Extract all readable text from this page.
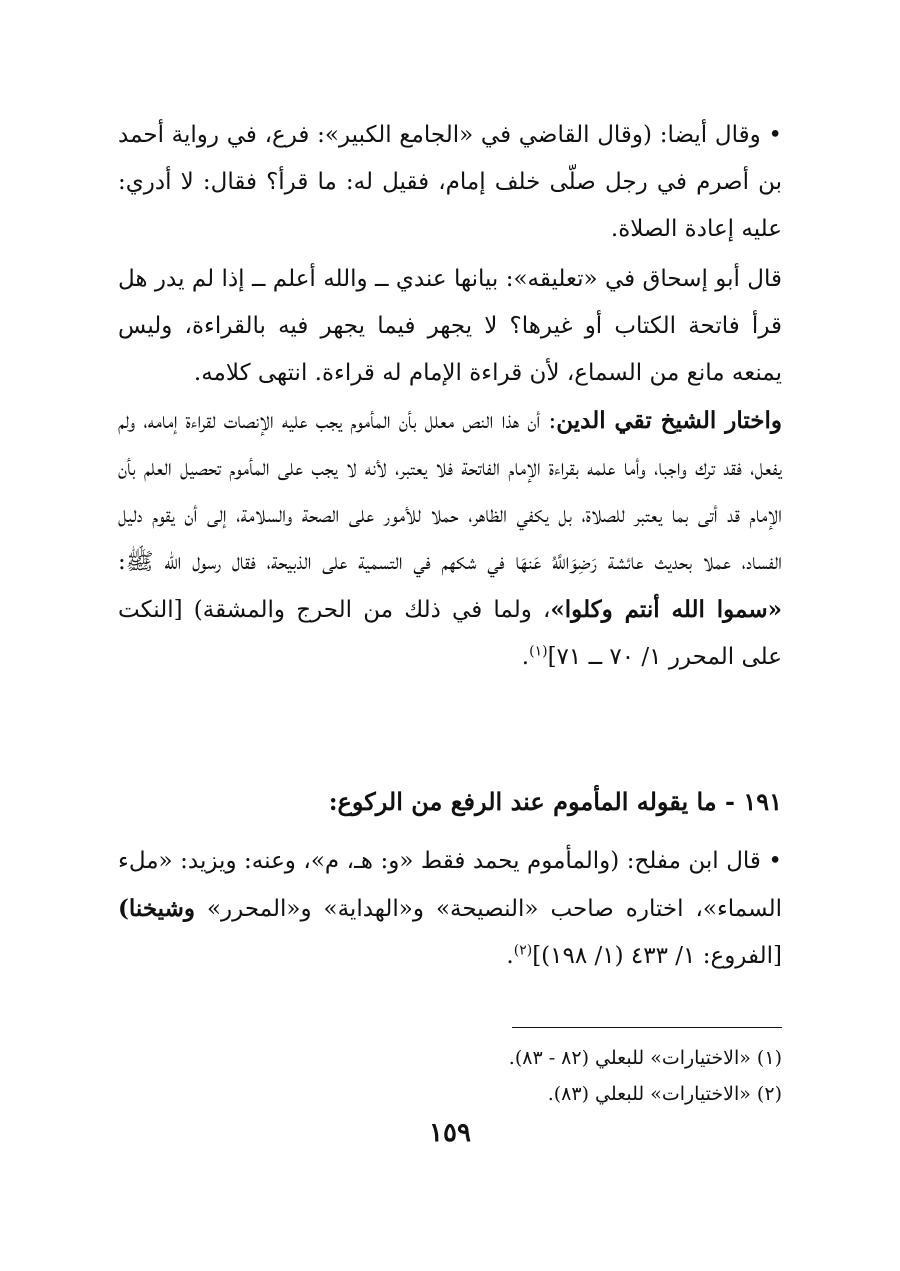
• وقال أيضا: (وقال القاضي في «الجامع الكبير»: فرع، في رواية أحمد بن أصرم في رجل صلّى خلف إمام، فقيل له: ما قرأ؟ فقال: لا أدري: عليه إعادة الصلاة.

قال أبو إسحاق في «تعليقه»: بيانها عندي ــ والله أعلم ــ إذا لم يدر هل قرأ فاتحة الكتاب أو غيرها؟ لا يجهر فيما يجهر فيه بالقراءة، وليس يمنعه مانع من السماع، لأن قراءة الإمام له قراءة. انتهى كلامه.

واختار الشيخ تقي الدين: أن هذا النص معلل بأن المأموم يجب عليه الإنصات لقراءة إمامه، ولم يفعل، فقد ترك واجبا، وأما علمه بقراءة الإمام الفاتحة فلا يعتبر، لأنه لا يجب على المأموم تحصيل العلم بأن الإمام قد أتى بما يعتبر للصلاة، بل يكفي الظاهر، حملا للأمور على الصحة والسلامة، إلى أن يقوم دليل الفساد، عملا بحديث عائشة رَضِوَاللَّهُ عَنهَا في شكهم في التسمية على الذبيحة، فقال رسول الله ﷺ: «سموا الله أنتم وكلوا»، ولما في ذلك من الحرج والمشقة) [النكت على المحرر ١/ ٧٠ ــ ٧١]$^{(١)}$.

١٩١ - ما يقوله المأموم عند الرفع من الركوع:

• قال ابن مفلح: (والمأموم يحمد فقط «و: هـ، م»، وعنه: ويزيد: «ملء السماء»، اختاره صاحب «النصيحة» و«الهداية» و«المحرر» وشيخنا) [الفروع: ١/ ٤٣٣ (١/ ١٩٨)]$^{(٢)}$.

(١) «الاختيارات» للبعلي (٨٢ - ٨٣).
(٢) «الاختيارات» للبعلي (٨٣).
١٥٩
